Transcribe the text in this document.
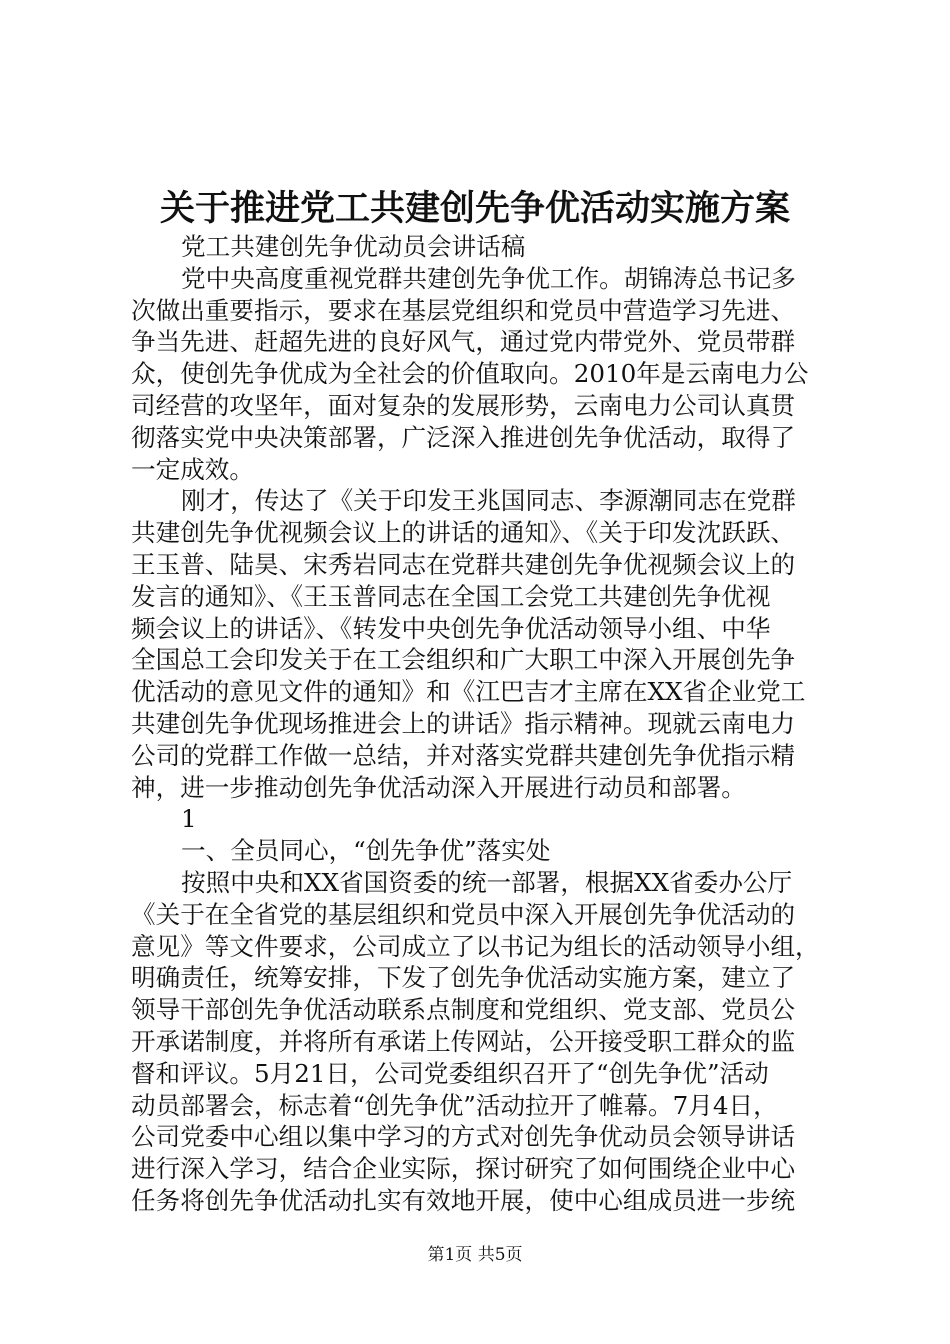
关于推进党工共建创先争优活动实施方案
党工共建创先争优动员会讲话稿
党中央高度重视党群共建创先争优工作。胡锦涛总书记多
次做出重要指示，要求在基层党组织和党员中营造学习先进、
争当先进、赶超先进的良好风气，通过党内带党外、党员带群
众，使创先争优成为全社会的价值取向。2010年是云南电力公
司经营的攻坚年，面对复杂的发展形势，云南电力公司认真贯
彻落实党中央决策部署，广泛深入推进创先争优活动，取得了
一定成效。
刚才，传达了《关于印发王兆国同志、李源潮同志在党群
共建创先争优视频会议上的讲话的通知》、《关于印发沈跃跃、
王玉普、陆昊、宋秀岩同志在党群共建创先争优视频会议上的
发言的通知》、《王玉普同志在全国工会党工共建创先争优视
频会议上的讲话》、《转发中央创先争优活动领导小组、中华
全国总工会印发关于在工会组织和广大职工中深入开展创先争
优活动的意见文件的通知》和《江巴吉才主席在XX省企业党工
共建创先争优现场推进会上的讲话》指示精神。现就云南电力
公司的党群工作做一总结，并对落实党群共建创先争优指示精
神，进一步推动创先争优活动深入开展进行动员和部署。
1
一、全员同心，“创先争优”落实处
按照中央和XX省国资委的统一部署，根据XX省委办公厅
《关于在全省党的基层组织和党员中深入开展创先争优活动的
意见》等文件要求，公司成立了以书记为组长的活动领导小组，
明确责任，统筹安排，下发了创先争优活动实施方案，建立了
领导干部创先争优活动联系点制度和党组织、党支部、党员公
开承诺制度，并将所有承诺上传网站，公开接受职工群众的监
督和评议。5月21日，公司党委组织召开了“创先争优”活动
动员部署会，标志着“创先争优”活动拉开了帷幕。7月4日，
公司党委中心组以集中学习的方式对创先争优动员会领导讲话
进行深入学习，结合企业实际，探讨研究了如何围绕企业中心
任务将创先争优活动扎实有效地开展，使中心组成员进一步统
第1页 共5页
